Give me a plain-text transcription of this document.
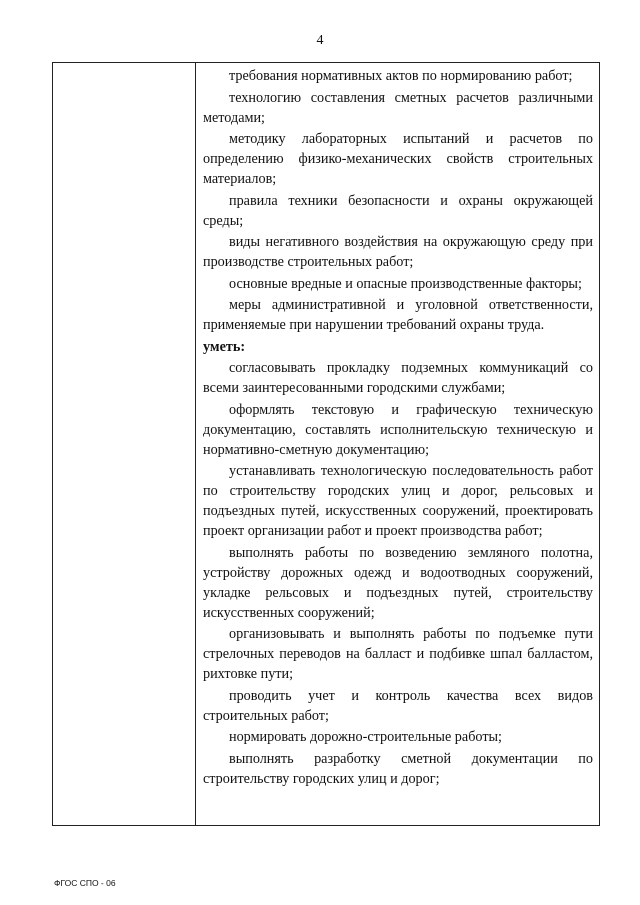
4

требования нормативных актов по нормированию работ;

технологию составления сметных расчетов различными методами;

методику лабораторных испытаний и расчетов по определению физико-механических свойств строительных материалов;

правила техники безопасности и охраны окружающей среды;

виды негативного воздействия на окружающую среду при производстве строительных работ;

основные вредные и опасные производственные факторы;

меры административной и уголовной ответственности, применяемые при нарушении требований охраны труда.

уметь:

согласовывать прокладку подземных коммуникаций со всеми заинтересованными городскими службами;

оформлять текстовую и графическую техническую документацию, составлять исполнительскую техническую и нормативно-сметную документацию;

устанавливать технологическую последовательность работ по строительству городских улиц и дорог, рельсовых и подъездных путей, искусственных сооружений, проектировать проект организации работ и проект производства работ;

выполнять работы по возведению земляного полотна, устройству дорожных одежд и водоотводных сооружений, укладке рельсовых и подъездных путей, строительству искусственных сооружений;

организовывать и выполнять работы по подъемке пути стрелочных переводов на балласт и подбивке шпал балластом, рихтовке пути;

проводить учет и контроль качества всех видов строительных работ;

нормировать дорожно-строительные работы;

выполнять разработку сметной документации по строительству городских улиц и дорог;

ФГОС СПО - 06
